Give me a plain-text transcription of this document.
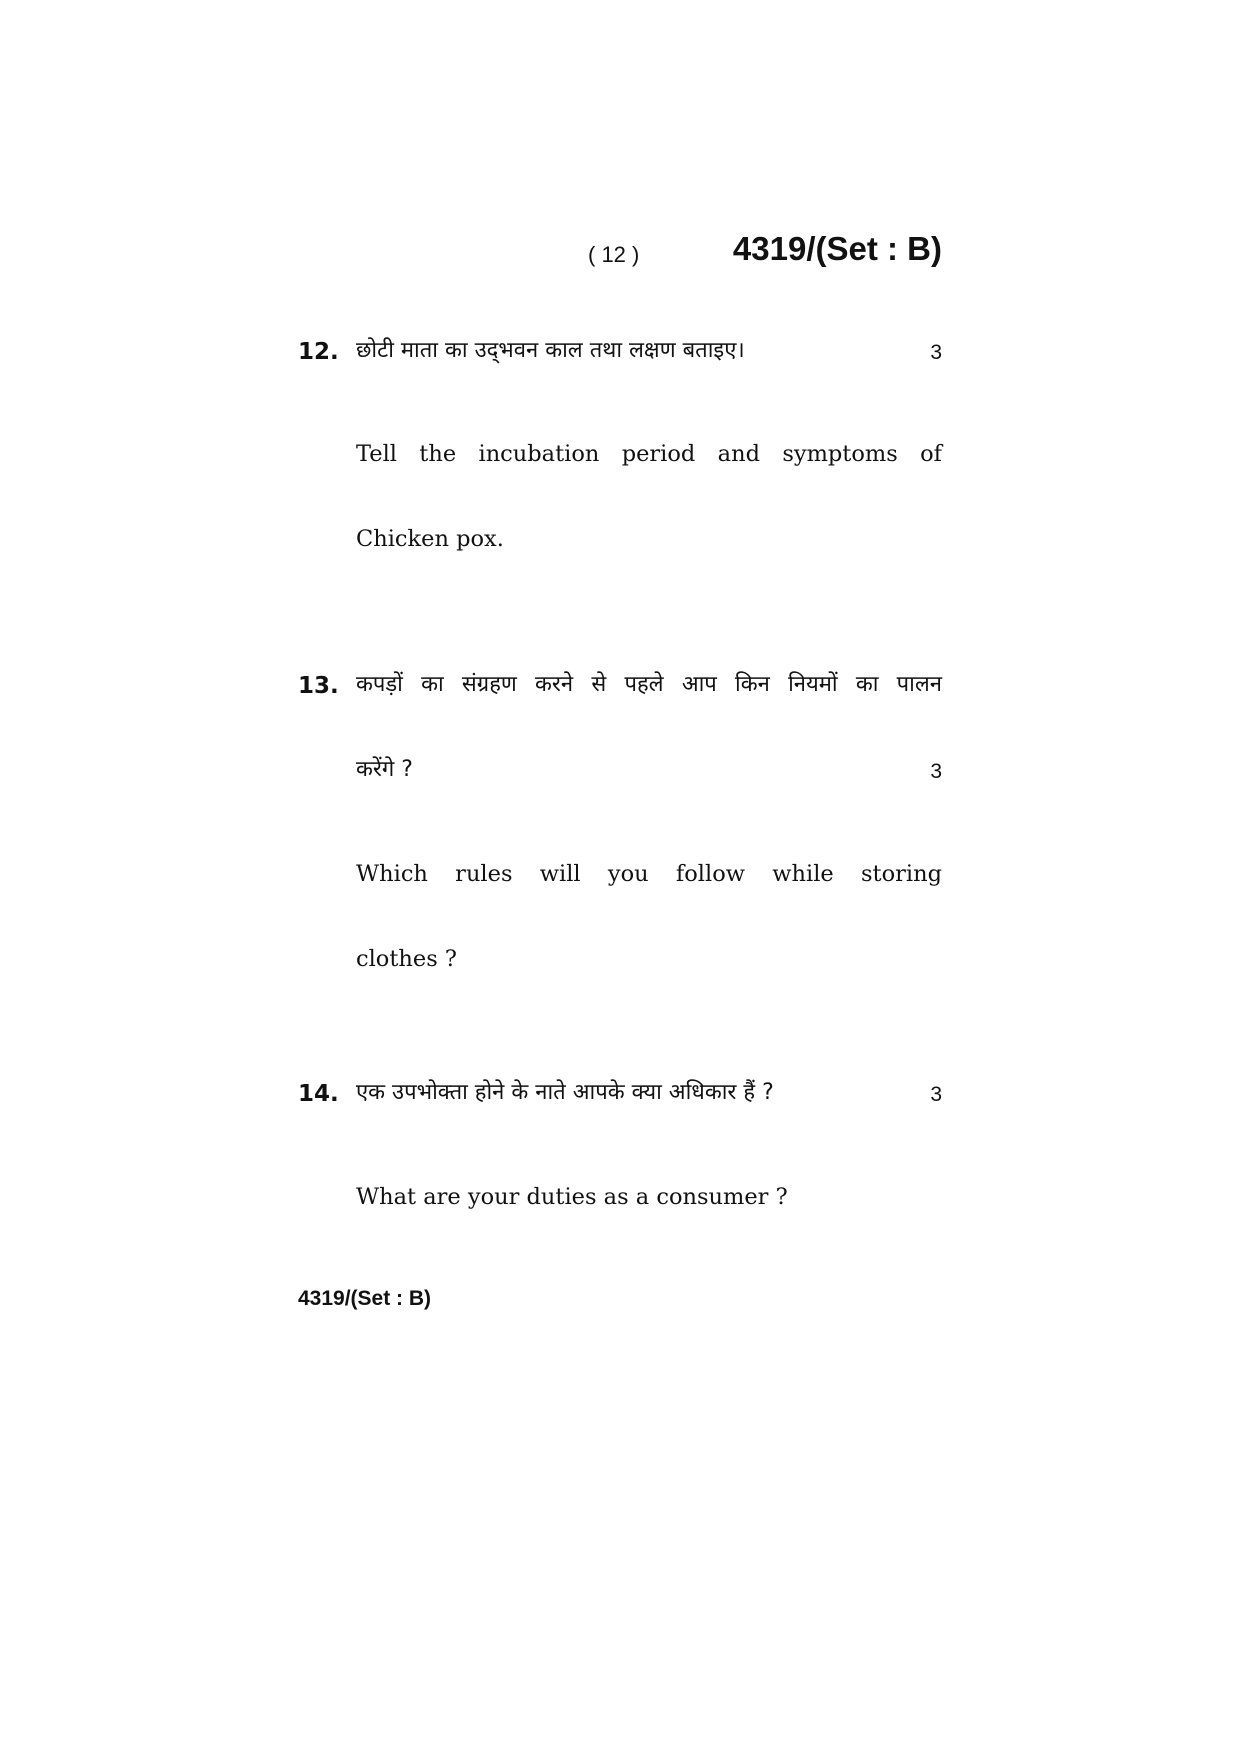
( 12 )	4319/(Set : B)
12. छोटी माता का उद्‌भवन काल तथा लक्षण बताइए।	3
Tell the incubation period and symptoms of
Chicken pox.
13. कपड़ों का संग्रहण करने से पहले आप किन नियमों का पालन
करेंगे ?	3
Which rules will you follow while storing
clothes ?
14. एक उपभोक्ता होने के नाते आपके क्या अधिकार हैं ?	3
What are your duties as a consumer ?
4319/(Set : B)
